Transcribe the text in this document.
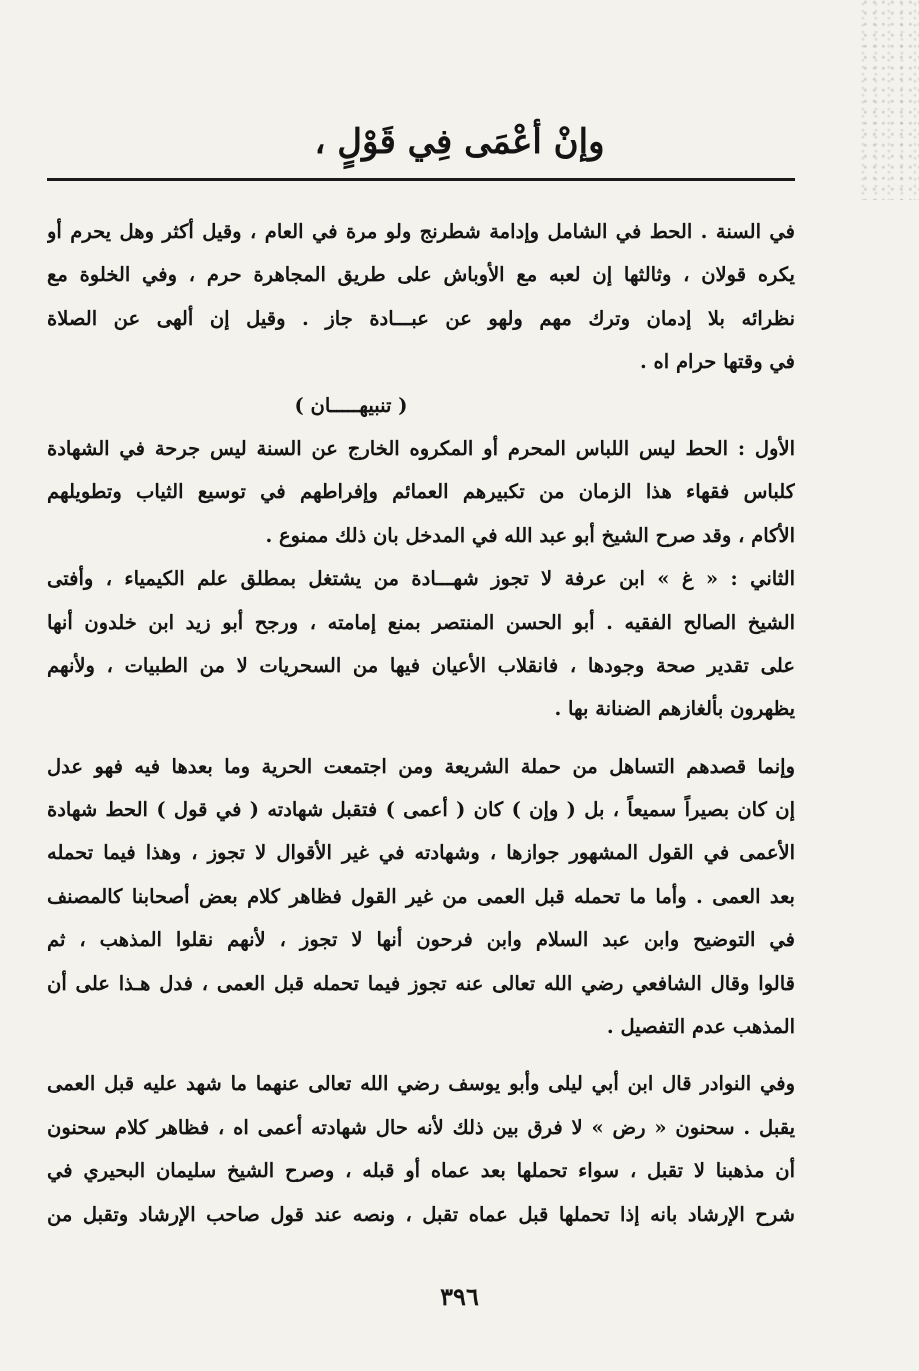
وإنْ أعْمَى فِي قَوْلٍ ،
في السنة . الحط في الشامل وإدامة شطرنج ولو مرة في العام ، وقيل أكثر وهل يحرم أو
يكره قولان ، وثالثها إن لعبه مع الأوباش على طريق المجاهرة حرم ، وفي الخلوة مع
نظرائه بلا إدمان وترك مهم ولهو عن عبـــادة جاز . وقيل إن ألهى عن الصلاة
في وقتها حرام اه .
( تنبيهـــــان )
الأول : الحط ليس اللباس المحرم أو المكروه الخارج عن السنة ليس جرحة في الشهادة
كلباس فقهاء هذا الزمان من تكبيرهم العمائم وإفراطهم في توسيع الثياب وتطويلهم
الأكام ، وقد صرح الشيخ أبو عبد الله في المدخل بان ذلك ممنوع .
الثاني : « غ » ابن عرفة لا تجوز شهـــادة من يشتغل بمطلق علم الكيمياء ، وأفتى
الشيخ الصالح الفقيه . أبو الحسن المنتصر بمنع إمامته ، ورجح أبو زيد ابن خلدون أنها
على تقدير صحة وجودها ، فانقلاب الأعيان فيها من السحريات لا من الطبيات ، ولأنهم
يظهرون بألغازهم الضنانة بها .
وإنما قصدهم التساهل من حملة الشريعة ومن اجتمعت الحرية وما بعدها فيه فهو عدل
إن كان بصيراً سميعاً ، بل ( وإن ) كان ( أعمى ) فتقبل شهادته ( في قول ) الحط شهادة
الأعمى في القول المشهور جوازها ، وشهادته في غير الأقوال لا تجوز ، وهذا فيما تحمله
بعد العمى . وأما ما تحمله قبل العمى من غير القول فظاهر كلام بعض أصحابنا كالمصنف
في التوضيح وابن عبد السلام وابن فرحون أنها لا تجوز ، لأنهم نقلوا المذهب ، ثم
قالوا وقال الشافعي رضي الله تعالى عنه تجوز فيما تحمله قبل العمى ، فدل هـذا على أن
المذهب عدم التفصيل .
وفي النوادر قال ابن أبي ليلى وأبو يوسف رضي الله تعالى عنهما ما شهد عليه قبل العمى
يقبل . سحنون « رض » لا فرق بين ذلك لأنه حال شهادته أعمى اه ، فظاهر كلام سحنون
أن مذهبنا لا تقبل ، سواء تحملها بعد عماه أو قبله ، وصرح الشيخ سليمان البحيري في
شرح الإرشاد بانه إذا تحملها قبل عماه تقبل ، ونصه عند قول صاحب الإرشاد وتقبل من
٣٩٦
